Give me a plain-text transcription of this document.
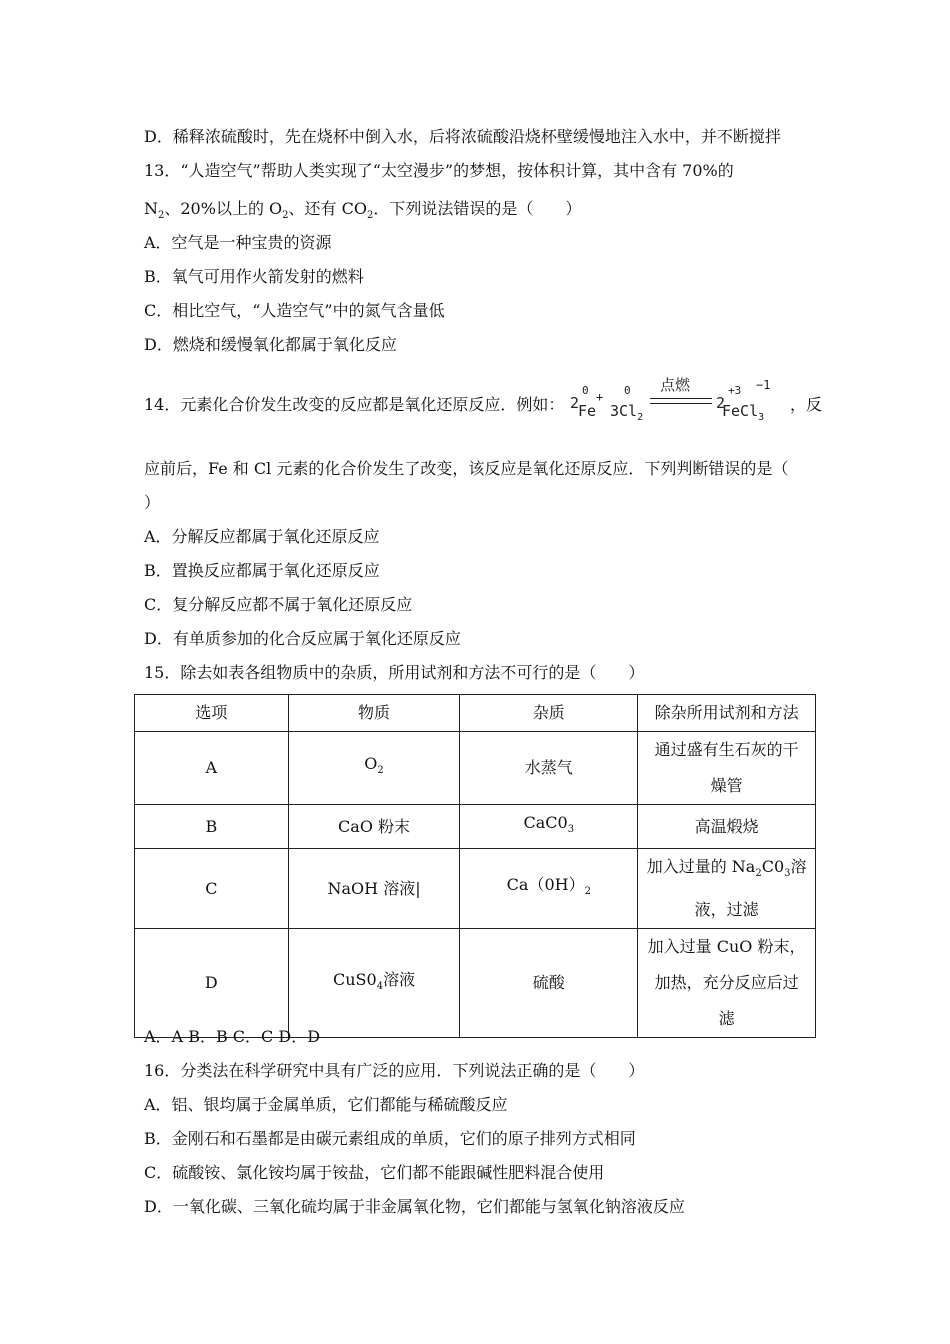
D．稀释浓硫酸时，先在烧杯中倒入水，后将浓硫酸沿烧杯壁缓慢地注入水中，并不断搅拌
13．“人造空气”帮助人类实现了“太空漫步”的梦想，按体积计算，其中含有 70%的
$N_2$、20%以上的 $O_2$、还有 $CO_2$．下列说法错误的是（　　）
A．空气是一种宝贵的资源
B．氧气可用作火箭发射的燃料
C．相比空气，“人造空气”中的氮气含量低
D．燃烧和缓慢氧化都属于氧化反应
14．元素化合价发生改变的反应都是氧化还原反应．例如： 2
0
Fe
+ 0
$3Cl_2$
点燃
2
+3 −1
FeCl$_3$
，反
应前后，Fe 和 Cl 元素的化合价发生了改变，该反应是氧化还原反应．下列判断错误的是（
）
A．分解反应都属于氧化还原反应
B．置换反应都属于氧化还原反应
C．复分解反应都不属于氧化还原反应
D．有单质参加的化合反应属于氧化还原反应
15．除去如表各组物质中的杂质，所用试剂和方法不可行的是（　　）
选项	物质	杂质	除杂所用试剂和方法
A	$O_2$	水蒸气	通过盛有生石灰的干
燥管

B	CaO 粉末	$CaC0_3$	高温煅烧
C	NaOH 溶液|	$Ca(0H)_2$	加入过量的 $Na_2C0_3$溶
液，过滤

D	$CuS0_4$溶液	硫酸	加入过量 CuO 粉末，
加热，充分反应后过
滤
A．A B．B C．C D．D
16．分类法在科学研究中具有广泛的应用．下列说法正确的是（　　）
A．铝、银均属于金属单质，它们都能与稀硫酸反应
B．金刚石和石墨都是由碳元素组成的单质，它们的原子排列方式相同
C．硫酸铵、氯化铵均属于铵盐，它们都不能跟碱性肥料混合使用
D．一氧化碳、三氧化硫均属于非金属氧化物，它们都能与氢氧化钠溶液反应
